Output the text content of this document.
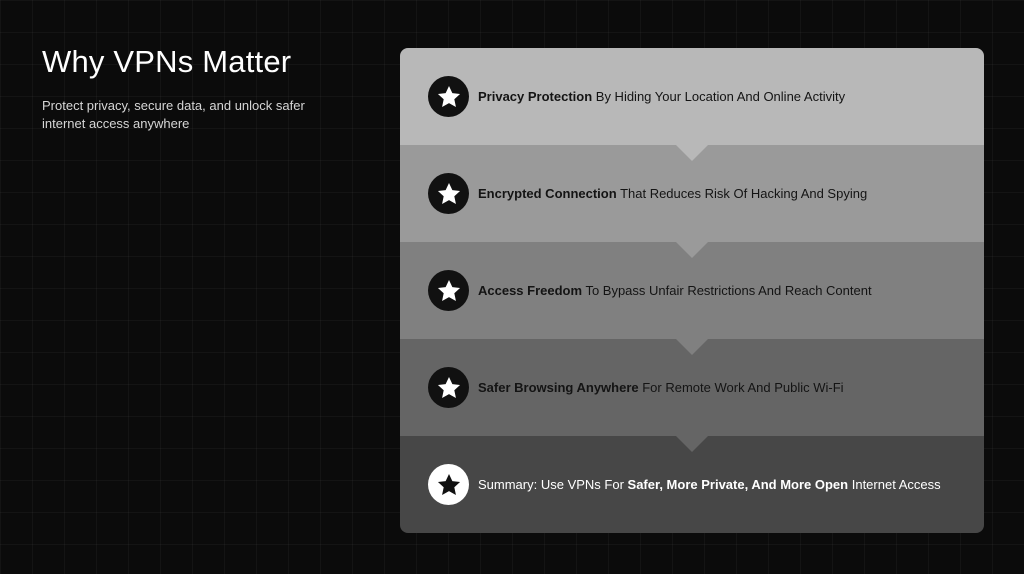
Why VPNs Matter

Protect privacy, secure data, and unlock safer internet access anywhere

Privacy Protection By Hiding Your Location And Online Activity
Encrypted Connection That Reduces Risk Of Hacking And Spying
Access Freedom To Bypass Unfair Restrictions And Reach Content
Safer Browsing Anywhere For Remote Work And Public Wi-Fi
Summary: Use VPNs For Safer, More Private, And More Open Internet Access
